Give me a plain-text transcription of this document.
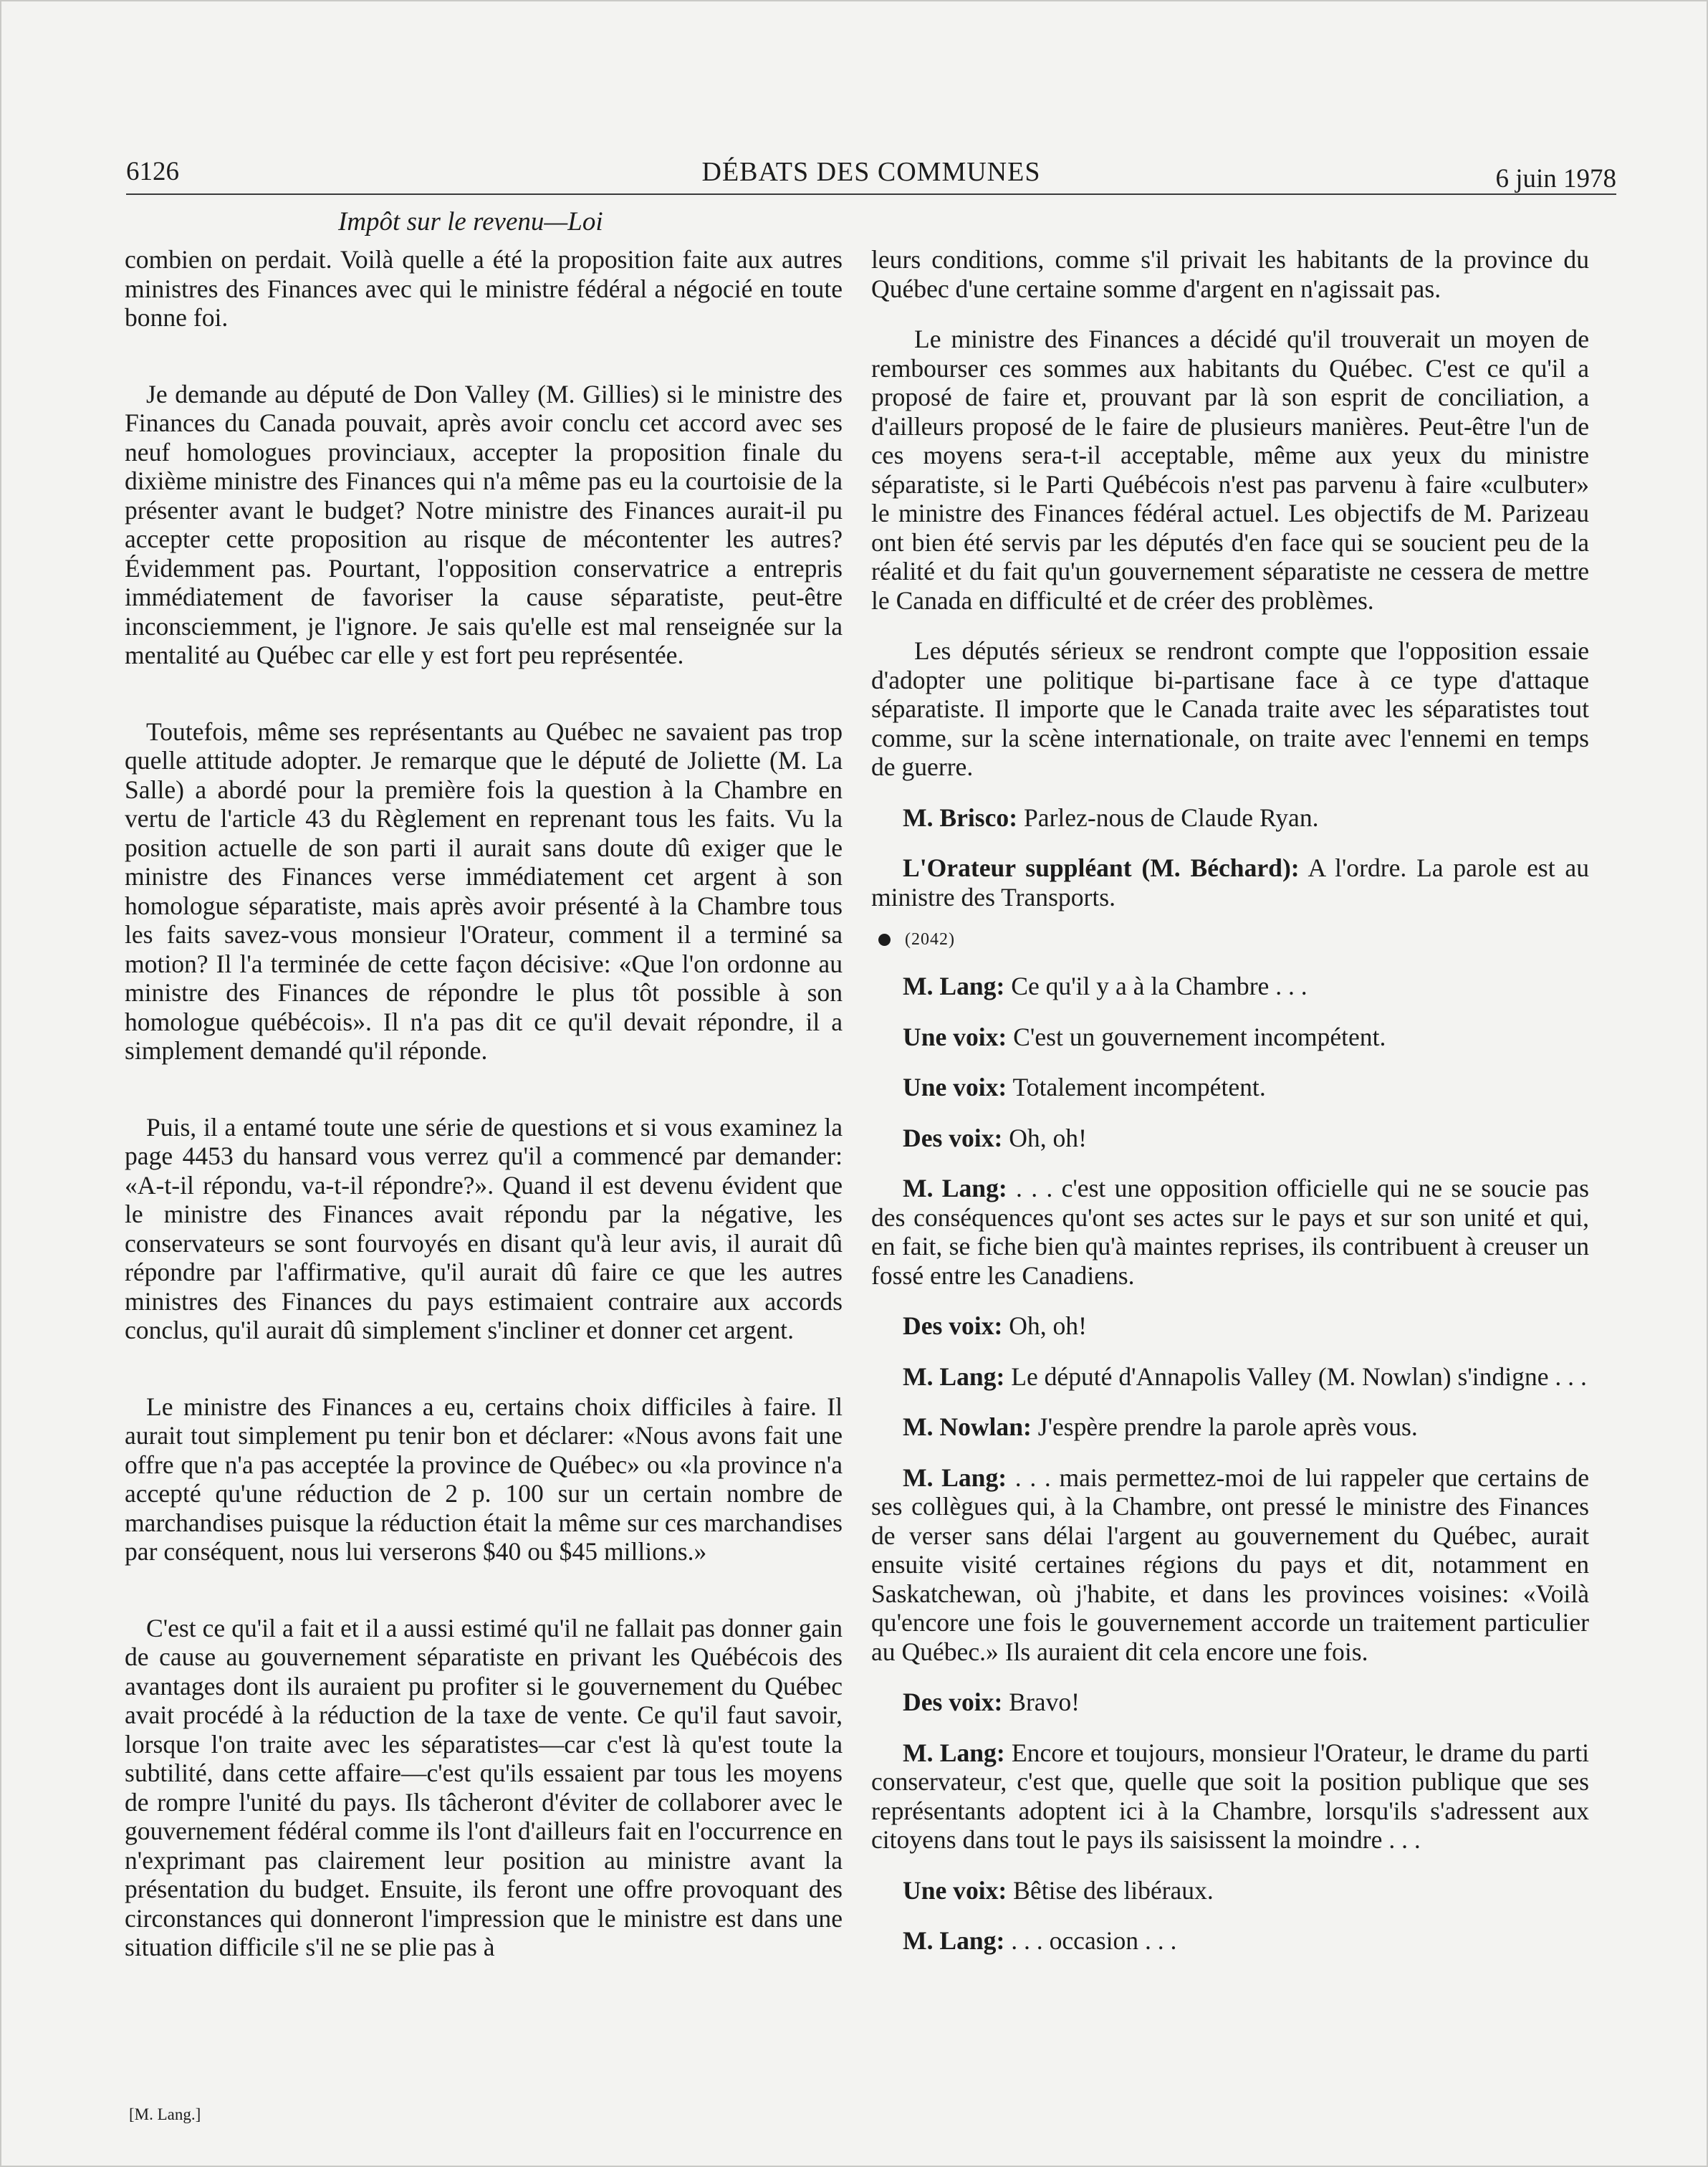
6126	DÉBATS DES COMMUNES	6 juin 1978
Impôt sur le revenu—Loi

combien on perdait. Voilà quelle a été la proposition faite aux autres ministres des Finances avec qui le ministre fédéral a négocié en toute bonne foi.

Je demande au député de Don Valley (M. Gillies) si le ministre des Finances du Canada pouvait, après avoir conclu cet accord avec ses neuf homologues provinciaux, accepter la proposition finale du dixième ministre des Finances qui n'a même pas eu la courtoisie de la présenter avant le budget? Notre ministre des Finances aurait-il pu accepter cette proposition au risque de mécontenter les autres? Évidemment pas. Pourtant, l'opposition conservatrice a entrepris immédiatement de favoriser la cause séparatiste, peut-être inconsciemment, je l'ignore. Je sais qu'elle est mal renseignée sur la mentalité au Québec car elle y est fort peu représentée.

Toutefois, même ses représentants au Québec ne savaient pas trop quelle attitude adopter. Je remarque que le député de Joliette (M. La Salle) a abordé pour la première fois la question à la Chambre en vertu de l'article 43 du Règlement en reprenant tous les faits. Vu la position actuelle de son parti il aurait sans doute dû exiger que le ministre des Finances verse immédiatement cet argent à son homologue séparatiste, mais après avoir présenté à la Chambre tous les faits savez-vous monsieur l'Orateur, comment il a terminé sa motion? Il l'a terminée de cette façon décisive: «Que l'on ordonne au ministre des Finances de répondre le plus tôt possible à son homologue québécois». Il n'a pas dit ce qu'il devait répondre, il a simplement demandé qu'il réponde.

Puis, il a entamé toute une série de questions et si vous examinez la page 4453 du hansard vous verrez qu'il a commencé par demander: «A-t-il répondu, va-t-il répondre?». Quand il est devenu évident que le ministre des Finances avait répondu par la négative, les conservateurs se sont fourvoyés en disant qu'à leur avis, il aurait dû répondre par l'affirmative, qu'il aurait dû faire ce que les autres ministres des Finances du pays estimaient contraire aux accords conclus, qu'il aurait dû simplement s'incliner et donner cet argent.

Le ministre des Finances a eu, certains choix difficiles à faire. Il aurait tout simplement pu tenir bon et déclarer: «Nous avons fait une offre que n'a pas acceptée la province de Québec» ou «la province n'a accepté qu'une réduction de 2 p. 100 sur un certain nombre de marchandises puisque la réduction était la même sur ces marchandises par conséquent, nous lui verserons $40 ou $45 millions.»

C'est ce qu'il a fait et il a aussi estimé qu'il ne fallait pas donner gain de cause au gouvernement séparatiste en privant les Québécois des avantages dont ils auraient pu profiter si le gouvernement du Québec avait procédé à la réduction de la taxe de vente. Ce qu'il faut savoir, lorsque l'on traite avec les séparatistes—car c'est là qu'est toute la subtilité, dans cette affaire—c'est qu'ils essaient par tous les moyens de rompre l'unité du pays. Ils tâcheront d'éviter de collaborer avec le gouvernement fédéral comme ils l'ont d'ailleurs fait en l'occurrence en n'exprimant pas clairement leur position au ministre avant la présentation du budget. Ensuite, ils feront une offre provoquant des circonstances qui donneront l'impression que le ministre est dans une situation difficile s'il ne se plie pas à

leurs conditions, comme s'il privait les habitants de la province du Québec d'une certaine somme d'argent en n'agissait pas.

Le ministre des Finances a décidé qu'il trouverait un moyen de rembourser ces sommes aux habitants du Québec. C'est ce qu'il a proposé de faire et, prouvant par là son esprit de conciliation, a d'ailleurs proposé de le faire de plusieurs manières. Peut-être l'un de ces moyens sera-t-il acceptable, même aux yeux du ministre séparatiste, si le Parti Québécois n'est pas parvenu à faire «culbuter» le ministre des Finances fédéral actuel. Les objectifs de M. Parizeau ont bien été servis par les députés d'en face qui se soucient peu de la réalité et du fait qu'un gouvernement séparatiste ne cessera de mettre le Canada en difficulté et de créer des problèmes.

Les députés sérieux se rendront compte que l'opposition essaie d'adopter une politique bi-partisane face à ce type d'attaque séparatiste. Il importe que le Canada traite avec les séparatistes tout comme, sur la scène internationale, on traite avec l'ennemi en temps de guerre.

M. Brisco: Parlez-nous de Claude Ryan.

L'Orateur suppléant (M. Béchard): A l'ordre. La parole est au ministre des Transports.

(2042)

M. Lang: Ce qu'il y a à la Chambre . . .

Une voix: C'est un gouvernement incompétent.

Une voix: Totalement incompétent.

Des voix: Oh, oh!

M. Lang: . . . c'est une opposition officielle qui ne se soucie pas des conséquences qu'ont ses actes sur le pays et sur son unité et qui, en fait, se fiche bien qu'à maintes reprises, ils contribuent à creuser un fossé entre les Canadiens.

Des voix: Oh, oh!

M. Lang: Le député d'Annapolis Valley (M. Nowlan) s'indigne . . .

M. Nowlan: J'espère prendre la parole après vous.

M. Lang: . . . mais permettez-moi de lui rappeler que certains de ses collègues qui, à la Chambre, ont pressé le ministre des Finances de verser sans délai l'argent au gouvernement du Québec, aurait ensuite visité certaines régions du pays et dit, notamment en Saskatchewan, où j'habite, et dans les provinces voisines: «Voilà qu'encore une fois le gouvernement accorde un traitement particulier au Québec.» Ils auraient dit cela encore une fois.

Des voix: Bravo!

M. Lang: Encore et toujours, monsieur l'Orateur, le drame du parti conservateur, c'est que, quelle que soit la position publique que ses représentants adoptent ici à la Chambre, lorsqu'ils s'adressent aux citoyens dans tout le pays ils saisissent la moindre . . .

Une voix: Bêtise des libéraux.

M. Lang: . . . occasion . . .

[M. Lang.]
